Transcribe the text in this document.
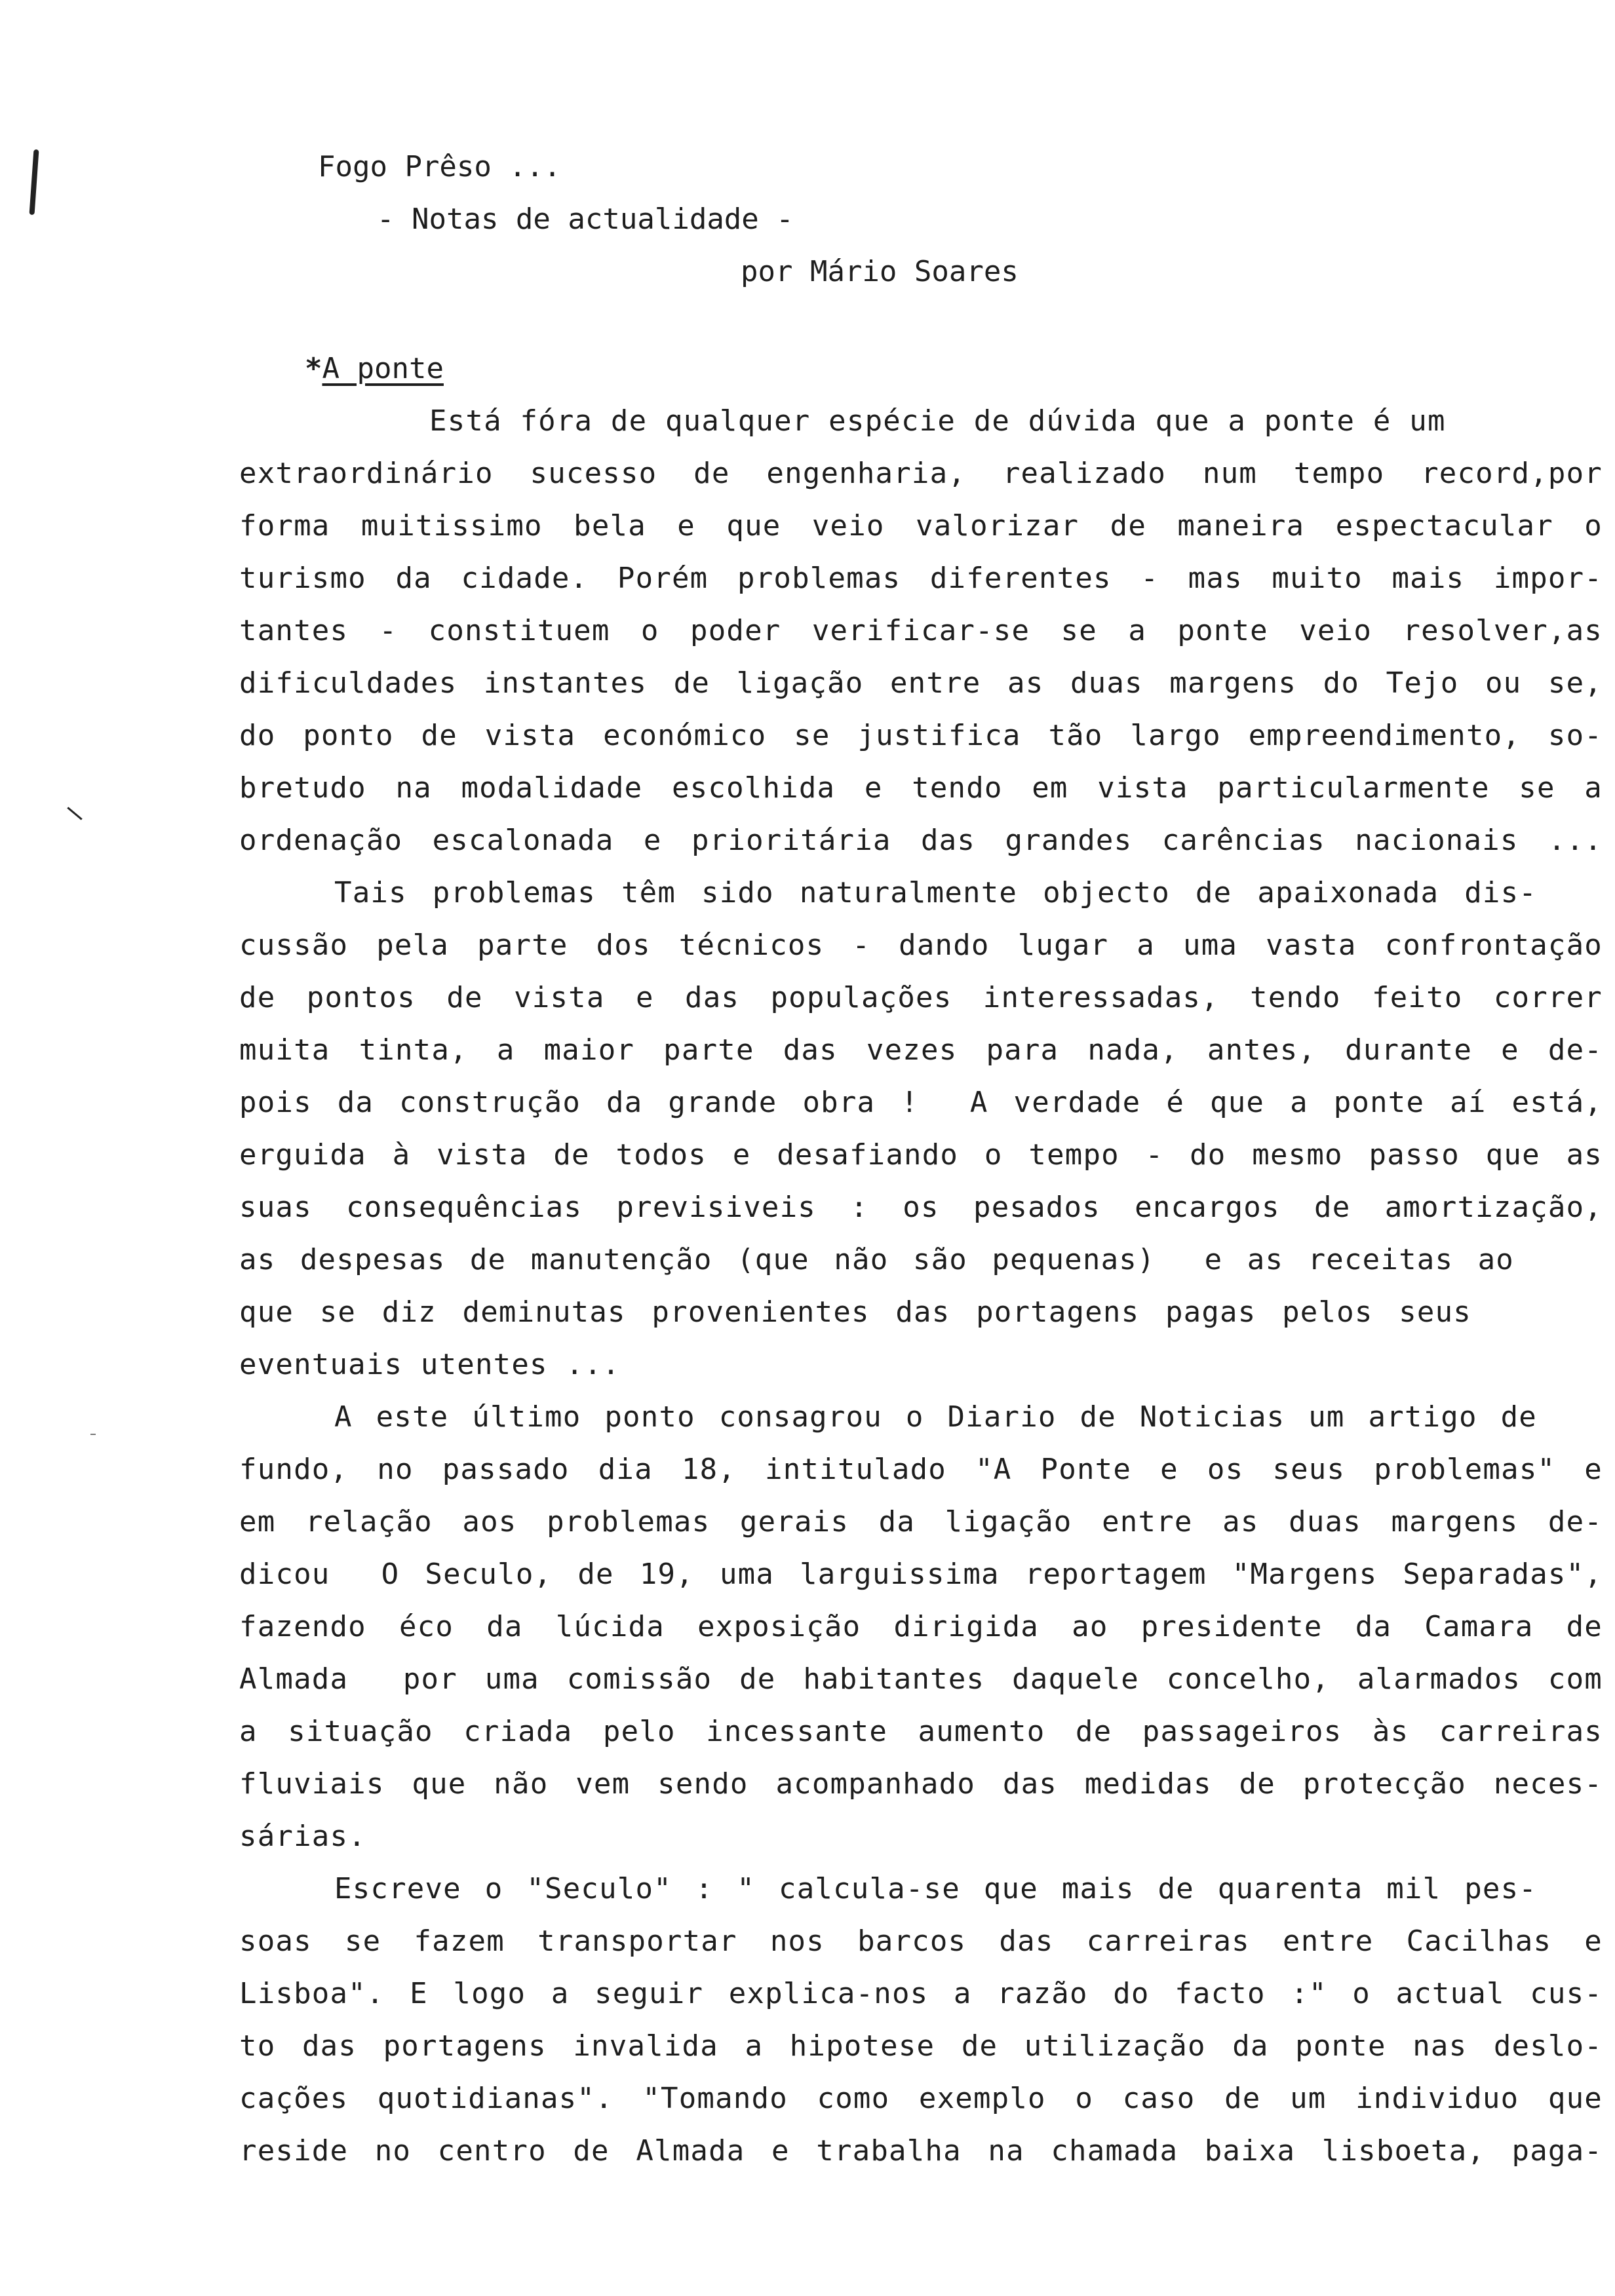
Fogo Prêso ...
- Notas de actualidade -
por Mário Soares
*A ponte
Está fóra de qualquer espécie de dúvida que a ponte é um
extraordinário sucesso de engenharia, realizado num tempo record,por
forma muitissimo bela e que veio valorizar de maneira espectacular o
turismo da cidade. Porém problemas diferentes - mas muito mais impor-
tantes - constituem o poder verificar-se se a ponte veio resolver,as
dificuldades instantes de ligação entre as duas margens do Tejo ou se,
do ponto de vista económico se justifica tão largo empreendimento, so-
bretudo na modalidade escolhida e tendo em vista particularmente se a
ordenação escalonada e prioritária das grandes carências nacionais ...
Tais problemas têm sido naturalmente objecto de apaixonada dis-
cussão pela parte dos técnicos - dando lugar a uma vasta confrontação
de pontos de vista e das populações interessadas, tendo feito correr
muita tinta, a maior parte das vezes para nada, antes, durante e de-
pois da construção da grande obra !  A verdade é que a ponte aí está,
erguida à vista de todos e desafiando o tempo - do mesmo passo que as
suas consequências previsiveis : os pesados encargos de amortização,
as despesas de manutenção (que não são pequenas)  e as receitas ao
que se diz deminutas provenientes das portagens pagas pelos seus
eventuais utentes ...
A este último ponto consagrou o Diario de Noticias um artigo de
fundo, no passado dia 18, intitulado "A Ponte e os seus problemas" e
em relação aos problemas gerais da ligação entre as duas margens de-
dicou  O Seculo, de 19, uma larguissima reportagem "Margens Separadas",
fazendo éco da lúcida exposição dirigida ao presidente da Camara de
Almada  por uma comissão de habitantes daquele concelho, alarmados com
a situação criada pelo incessante aumento de passageiros às carreiras
fluviais que não vem sendo acompanhado das medidas de protecção neces-
sárias.
Escreve o "Seculo" : " calcula-se que mais de quarenta mil pes-
soas se fazem transportar nos barcos das carreiras entre Cacilhas e
Lisboa". E logo a seguir explica-nos a razão do facto :" o actual cus-
to das portagens invalida a hipotese de utilização da ponte nas deslo-
cações quotidianas". "Tomando como exemplo o caso de um individuo que
reside no centro de Almada e trabalha na chamada baixa lisboeta, paga-
